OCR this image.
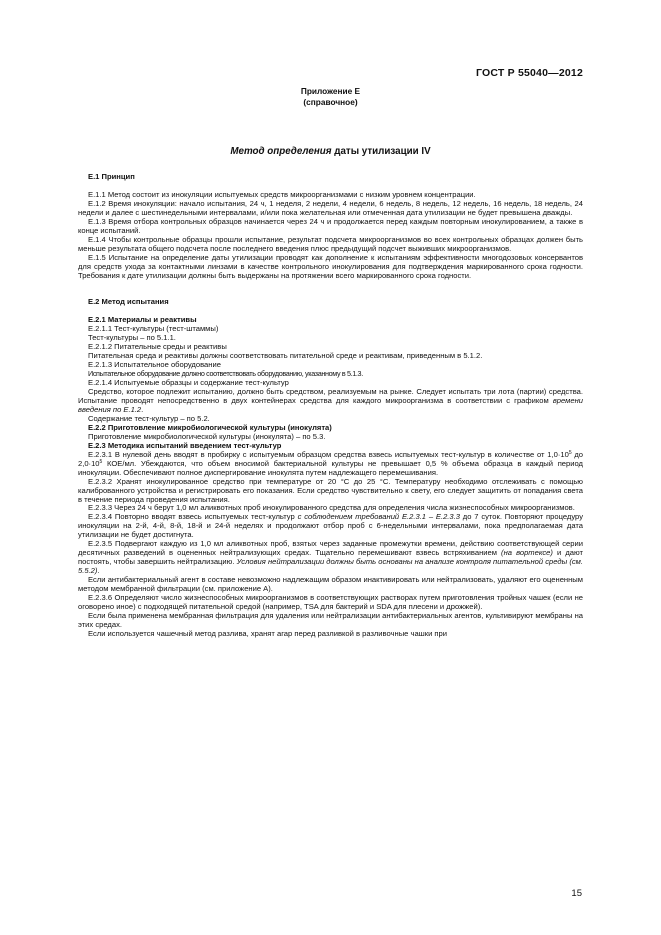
ГОСТ Р 55040—2012
Приложение Е
(справочное)
Метод определения даты утилизации IV

Е.1 Принцип

Е.1.1 Метод состоит из инокуляции испытуемых средств микроорганизмами с низким уровнем концентрации.

Е.1.2 Время инокуляции: начало испытания, 24 ч, 1 неделя, 2 недели, 4 недели, 6 недель, 8 недель, 12 недель, 16 недель, 18 недель, 24 недели и далее с шестинедельными интервалами, и/или пока желательная или отмеченная дата утилизации не будет превышена дважды.

Е.1.3 Время отбора контрольных образцов начинается через 24 ч и продолжается перед каждым повторным инокулированием, а также в конце испытаний.

Е.1.4 Чтобы контрольные образцы прошли испытание, результат подсчета микроорганизмов во всех контрольных образцах должен быть меньше результата общего подсчета после последнего введения плюс предыдущий подсчет выживших микроорганизмов.

Е.1.5 Испытание на определение даты утилизации проводят как дополнение к испытаниям эффективности многодозовых консервантов для средств ухода за контактными линзами в качестве контрольного инокулирования для подтверждения маркированного срока годности. Требования к дате утилизации должны быть выдержаны на протяжении всего маркированного срока годности.

Е.2 Метод испытания

Е.2.1 Материалы и реактивы

Е.2.1.1 Тест-культуры (тест-штаммы)

Тест-культуры – по 5.1.1.

Е.2.1.2 Питательные среды и реактивы

Питательная среда и реактивы должны соответствовать питательной среде и реактивам, приведенным в 5.1.2.

Е.2.1.3 Испытательное оборудование

Испытательное оборудование должно соответствовать оборудованию, указанному в 5.1.3.

Е.2.1.4 Испытуемые образцы и содержание тест-культур

Средство, которое подлежит испытанию, должно быть средством, реализуемым на рынке. Следует испытать три лота (партии) средства. Испытание проводят непосредственно в двух контейнерах средства для каждого микроорганизма в соответствии с графиком времени введения по Е.1.2.

Содержание тест-культур – по 5.2.

Е.2.2 Приготовление микробиологической культуры (инокулята)

Приготовление микробиологической культуры (инокулята) – по 5.3.

Е.2.3 Методика испытаний введением тест-культур

Е.2.3.1 В нулевой день вводят в пробирку с испытуемым образцом средства взвесь испытуемых тест-культур в количестве от $1,0\cdot 10^5$ до $2,0\cdot 10^5$ КОЕ/мл. Убеждаются, что объем вносимой бактериальной культуры не превышает 0,5 % объема образца в каждый период инокуляции. Обеспечивают полное диспергирование инокулята путем надлежащего перемешивания.

Е.2.3.2 Хранят инокулированное средство при температуре от 20 °С до 25 °С. Температуру необходимо отслеживать с помощью калиброванного устройства и регистрировать его показания. Если средство чувствительно к свету, его следует защитить от попадания света в течение периода проведения испытания.

Е.2.3.3 Через 24 ч берут 1,0 мл аликвотных проб инокулированного средства для определения числа жизнеспособных микроорганизмов.

Е.2.3.4 Повторно вводят взвесь испытуемых тест-культур с соблюдением требований Е.2.3.1 – Е.2.3.3 до 7 суток. Повторяют процедуру инокуляции на 2-й, 4-й, 8-й, 18-й и 24-й неделях и продолжают отбор проб с 6-недельными интервалами, пока предполагаемая дата утилизации не будет достигнута.

Е.2.3.5 Подвергают каждую из 1,0 мл аликвотных проб, взятых через заданные промежутки времени, действию соответствующей серии десятичных разведений в оцененных нейтрализующих средах. Тщательно перемешивают взвесь встряхиванием (на вортексе) и дают постоять, чтобы завершить нейтрализацию. Условия нейтрализации должны быть основаны на анализе контроля питательной среды (см. 5.5.2).

Если антибактериальный агент в составе невозможно надлежащим образом инактивировать или нейтрализовать, удаляют его оцененным методом мембранной фильтрации (см. приложение А).

Е.2.3.6 Определяют число жизнеспособных микроорганизмов в соответствующих растворах путем приготовления тройных чашек (если не оговорено иное) с подходящей питательной средой (например, TSA для бактерий и SDA для плесени и дрожжей).

Если была применена мембранная фильтрация для удаления или нейтрализации антибактериальных агентов, культивируют мембраны на этих средах.

Если используется чашечный метод разлива, хранят агар перед разливкой в разливочные чашки при

15
